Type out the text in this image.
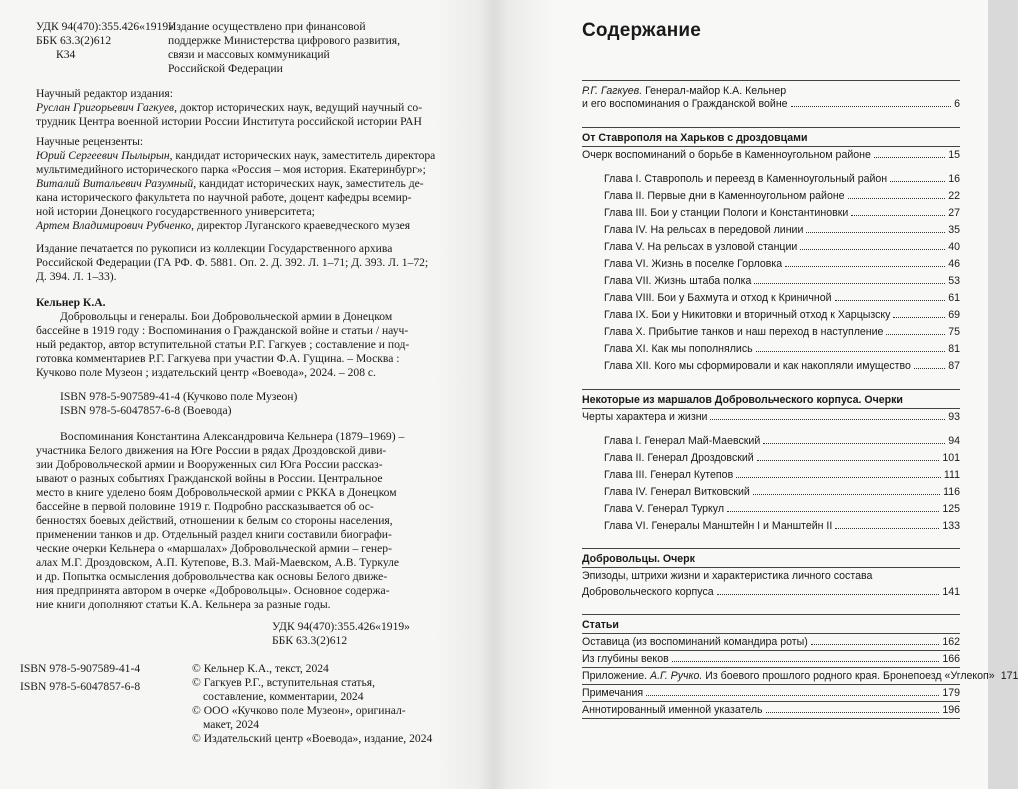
УДК 94(470):355.426«1919»
ББК 63.3(2)612
К34
Издание осуществлено при финансовой
поддержке Министерства цифрового развития,
связи и массовых коммуникаций
Российской Федерации
Научный редактор издания:
Руслан Григорьевич Гагкуев, доктор исторических наук, ведущий научный со-
трудник Центра военной истории России Института российской истории РАН
Научные рецензенты:
Юрий Сергеевич Пылырын, кандидат исторических наук, заместитель директора
мультимедийного исторического парка «Россия – моя история. Екатеринбург»;
Виталий Витальевич Разумный, кандидат исторических наук, заместитель де-
кана исторического факультета по научной работе, доцент кафедры всемир-
ной истории Донецкого государственного университета;
Артем Владимирович Рубченко, директор Луганского краеведческого музея
Издание печатается по рукописи из коллекции Государственного архива
Российской Федерации (ГА РФ. Ф. 5881. Оп. 2. Д. 392. Л. 1–71; Д. 393. Л. 1–72;
Д. 394. Л. 1–33).
Кельнер К.А.
Добровольцы и генералы. Бои Добровольческой армии в Донецком
бассейне в 1919 году : Воспоминания о Гражданской войне и статьи / науч-
ный редактор, автор вступительной статьи Р.Г. Гагкуев ; составление и под-
готовка комментариев Р.Г. Гагкуева при участии Ф.А. Гущина. – Москва :
Кучково поле Музеон ; издательский центр «Воевода», 2024. – 208 с.
ISBN 978-5-907589-41-4 (Кучково поле Музеон)
ISBN 978-5-6047857-6-8 (Воевода)
Воспоминания Константина Александровича Кельнера (1879–1969) –
участника Белого движения на Юге России в рядах Дроздовской диви-
зии Добровольческой армии и Вооруженных сил Юга России рассказ-
ывают о разных событиях Гражданской войны в России. Центральное
место в книге уделено боям Добровольческой армии с РККА в Донецком
бассейне в первой половине 1919 г. Подробно рассказывается об ос-
бенностях боевых действий, отношении к белым со стороны населения,
применении танков и др. Отдельный раздел книги составили биографи-
ческие очерки Кельнера о «маршалах» Добровольческой армии – генер-
алах М.Г. Дроздовском, А.П. Кутепове, В.З. Май-Маевском, А.В. Туркуле
и др. Попытка осмысления добровольчества как основы Белого движе-
ния предпринята автором в очерке «Добровольцы». Основное содержа-
ние книги дополняют статьи К.А. Кельнера за разные годы.
УДК 94(470):355.426«1919»
ББК 63.3(2)612
ISBN 978-5-907589-41-4
ISBN 978-5-6047857-6-8
© Кельнер К.А., текст, 2024
© Гагкуев Р.Г., вступительная статья,
составление, комментарии, 2024
© ООО «Кучково поле Музеон», оригинал-
макет, 2024
© Издательский центр «Воевода», издание, 2024
Содержание
Р.Г. Гагкуев. Генерал-майор К.А. Кельнер
и его воспоминания о Гражданской войне	6
От Ставрополя на Харьков с дроздовцами
Очерк воспоминаний о борьбе в Каменноугольном районе	15
Глава I. Ставрополь и переезд в Каменноугольный район	16
Глава II. Первые дни в Каменноугольном районе	22
Глава III. Бои у станции Пологи и Константиновки	27
Глава IV. На рельсах в передовой линии	35
Глава V. На рельсах в узловой станции	40
Глава VI. Жизнь в поселке Горловка	46
Глава VII. Жизнь штаба полка	53
Глава VIII. Бои у Бахмута и отход к Криничной	61
Глава IX. Бои у Никитовки и вторичный отход к Харцызску	69
Глава X. Прибытие танков и наш переход в наступление	75
Глава XI. Как мы пополнялись	81
Глава XII. Кого мы сформировали и как накопляли имущество	87
Некоторые из маршалов Добровольческого корпуса. Очерки
Черты характера и жизни	93
Глава I. Генерал Май-Маевский	94
Глава II. Генерал Дроздовский	101
Глава III. Генерал Кутепов	111
Глава IV. Генерал Витковский	116
Глава V. Генерал Туркул	125
Глава VI. Генералы Манштейн I и Манштейн II	133
Добровольцы. Очерк
Эпизоды, штрихи жизни и характеристика личного состава
Добровольческого корпуса	141
Статьи
Оставица (из воспоминаний командира роты)	162
Из глубины веков	166
Приложение. А.Г. Ручко. Из боевого прошлого родного края. Бронепоезд «Углекоп» 171
Примечания	179
Аннотированный именной указатель	196
